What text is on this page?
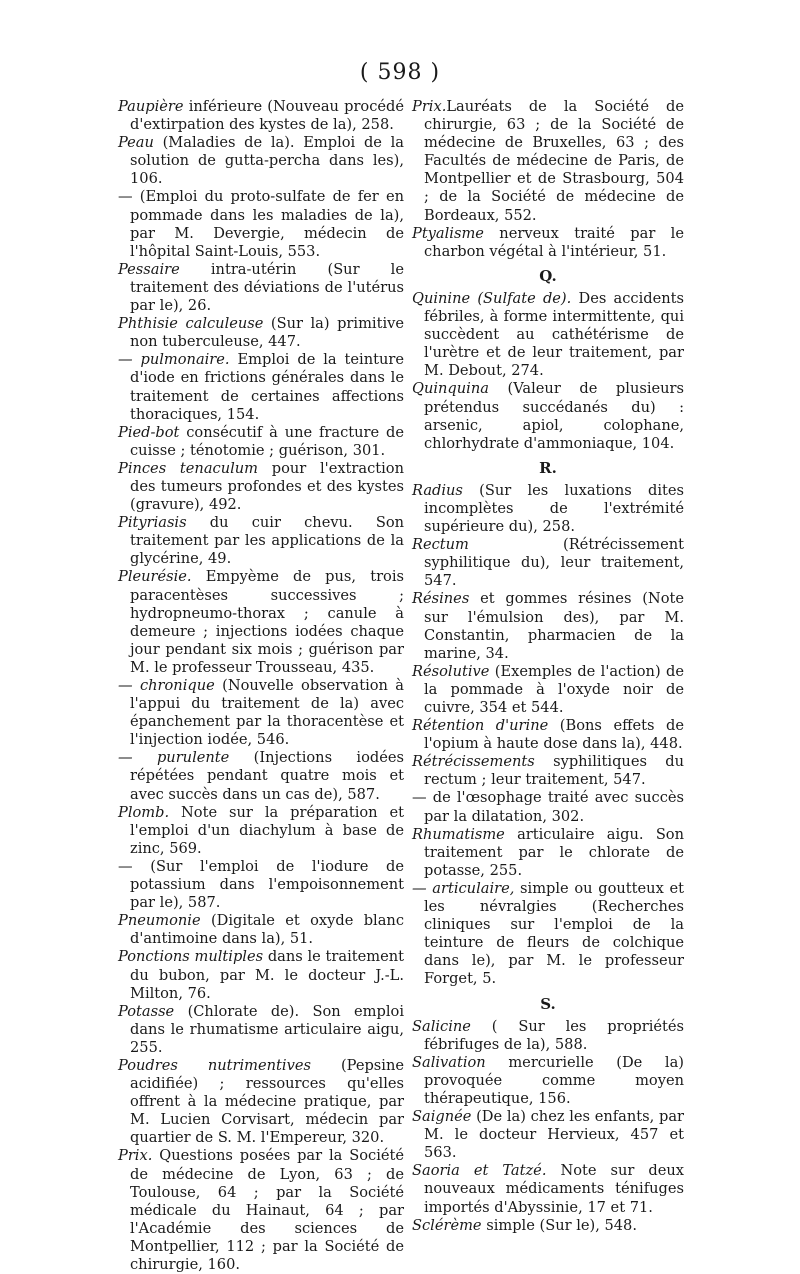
( 598 )

Paupière inférieure (Nouveau procédé d'extirpation des kystes de la), 258.

Peau (Maladies de la). Emploi de la solution de gutta-percha dans les), 106.

— (Emploi du proto-sulfate de fer en pommade dans les maladies de la), par M. Devergie, médecin de l'hôpital Saint-Louis, 553.

Pessaire intra-utérin (Sur le traitement des déviations de l'utérus par le), 26.

Phthisie calculeuse (Sur la) primitive non tuberculeuse, 447.

— pulmonaire. Emploi de la teinture d'iode en frictions générales dans le traitement de certaines affections thoraciques, 154.

Pied-bot consécutif à une fracture de cuisse ; ténotomie ; guérison, 301.

Pinces tenaculum pour l'extraction des tumeurs profondes et des kystes (gravure), 492.

Pityriasis du cuir chevu. Son traitement par les applications de la glycérine, 49.

Pleurésie. Empyème de pus, trois paracentèses successives ; hydropneumo-thorax ; canule à demeure ; injections iodées chaque jour pendant six mois ; guérison par M. le professeur Trousseau, 435.

— chronique (Nouvelle observation à l'appui du traitement de la) avec épanchement par la thoracentèse et l'injection iodée, 546.

— purulente (Injections iodées répétées pendant quatre mois et avec succès dans un cas de), 587.

Plomb. Note sur la préparation et l'emploi d'un diachylum à base de zinc, 569.

— (Sur l'emploi de l'iodure de potassium dans l'empoisonnement par le), 587.

Pneumonie (Digitale et oxyde blanc d'antimoine dans la), 51.

Ponctions multiples dans le traitement du bubon, par M. le docteur J.-L. Milton, 76.

Potasse (Chlorate de). Son emploi dans le rhumatisme articulaire aigu, 255.

Poudres nutrimentives (Pepsine acidifiée) ; ressources qu'elles offrent à la médecine pratique, par M. Lucien Corvisart, médecin par quartier de S. M. l'Empereur, 320.

Prix. Questions posées par la Société de médecine de Lyon, 63 ; de Toulouse, 64 ; par la Société médicale du Hainaut, 64 ; par l'Académie des sciences de Montpellier, 112 ; par la Société de chirurgie, 160.

Prix.Lauréats de la Société de chirurgie, 63 ; de la Société de médecine de Bruxelles, 63 ; des Facultés de médecine de Paris, de Montpellier et de Strasbourg, 504 ; de la Société de médecine de Bordeaux, 552.

Ptyalisme nerveux traité par le charbon végétal à l'intérieur, 51.

Q.

Quinine (Sulfate de). Des accidents fébriles, à forme intermittente, qui succèdent au cathétérisme de l'urètre et de leur traitement, par M. Debout, 274.

Quinquina (Valeur de plusieurs prétendus succédanés du) : arsenic, apiol, colophane, chlorhydrate d'ammoniaque, 104.

R.

Radius (Sur les luxations dites incomplètes de l'extrémité supérieure du), 258.

Rectum (Rétrécissement syphilitique du), leur traitement, 547.

Résines et gommes résines (Note sur l'émulsion des), par M. Constantin, pharmacien de la marine, 34.

Résolutive (Exemples de l'action) de la pommade à l'oxyde noir de cuivre, 354 et 544.

Rétention d'urine (Bons effets de l'opium à haute dose dans la), 448.

Rétrécissements syphilitiques du rectum ; leur traitement, 547.

— de l'œsophage traité avec succès par la dilatation, 302.

Rhumatisme articulaire aigu. Son traitement par le chlorate de potasse, 255.

— articulaire, simple ou goutteux et les névralgies (Recherches cliniques sur l'emploi de la teinture de fleurs de colchique dans le), par M. le professeur Forget, 5.

S.

Salicine ( Sur les propriétés fébrifuges de la), 588.

Salivation mercurielle (De la) provoquée comme moyen thérapeutique, 156.

Saignée (De la) chez les enfants, par M. le docteur Hervieux, 457 et 563.

Saoria et Tatzé. Note sur deux nouveaux médicaments ténifuges importés d'Abyssinie, 17 et 71.

Sclérème simple (Sur le), 548.
